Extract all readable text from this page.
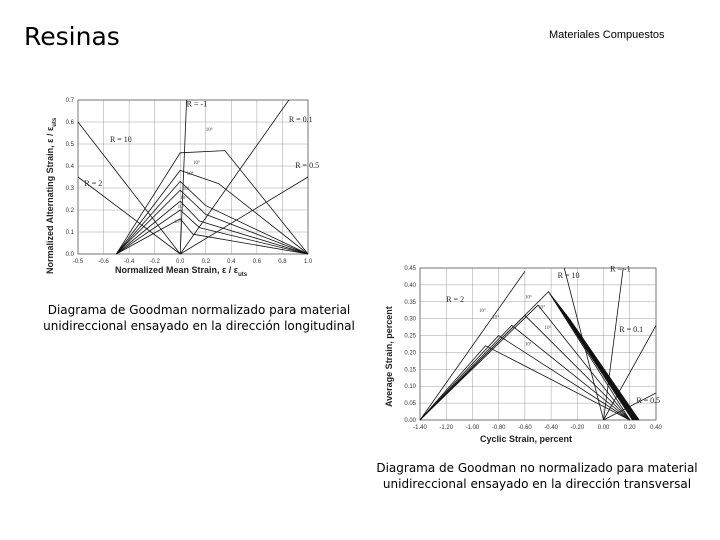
Resinas	Materiales Compuestos
-0.5	-0.6	-0.4	-0.2	0.0	0.2	0.4	0.6	0.8	1.0
0.0
0.1
0.2
0.3
0.4
0.5
0.6
0.7	R = -1
R = 0.1
R = 10
R = 0.5
R = 2
10⁶
10⁵
10⁴
10³
10²
10¹
10⁰
Normalized Alternating Strain, ε / $\varepsilon_{uts}$
Normalized Mean Strain, ε / $\varepsilon_{uts}$
Diagrama de Goodman normalizado para material
unidireccional ensayado en la dirección longitudinal
-1.40 -1.20 -1.00 -0.80 -0.60 -0.40 -0.20 0.00 0.20 0.40
0.00
0.05
0.10
0.15
0.20
0.25
0.30
0.35
0.40
0.45
R = 10
R = -1
R = 2
R = 0.1
R = 0.5
10⁶
10⁵
10⁴
10³
10²
10¹
Average Strain, percent
Cyclic Strain, percent
Diagrama de Goodman no normalizado para material
unidireccional ensayado en la dirección transversal
